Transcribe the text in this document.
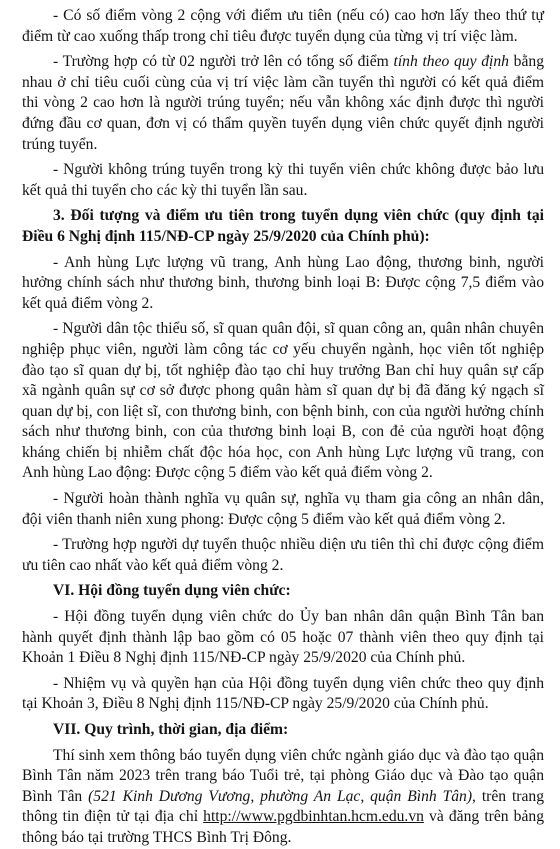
- Có số điểm vòng 2 cộng với điểm ưu tiên (nếu có) cao hơn lấy theo thứ tự điểm từ cao xuống thấp trong chỉ tiêu được tuyển dụng của từng vị trí việc làm.

- Trường hợp có từ 02 người trở lên có tổng số điểm tính theo quy định bằng nhau ở chỉ tiêu cuối cùng của vị trí việc làm cần tuyển thì người có kết quả điểm thi vòng 2 cao hơn là người trúng tuyển; nếu vẫn không xác định được thì người đứng đầu cơ quan, đơn vị có thẩm quyền tuyển dụng viên chức quyết định người trúng tuyển.

- Người không trúng tuyển trong kỳ thi tuyển viên chức không được bảo lưu kết quả thi tuyển cho các kỳ thi tuyển lần sau.

3. Đối tượng và điểm ưu tiên trong tuyển dụng viên chức (quy định tại Điều 6 Nghị định 115/NĐ-CP ngày 25/9/2020 của Chính phủ):

- Anh hùng Lực lượng vũ trang, Anh hùng Lao động, thương binh, người hưởng chính sách như thương binh, thương binh loại B: Được cộng 7,5 điểm vào kết quả điểm vòng 2.

- Người dân tộc thiểu số, sĩ quan quân đội, sĩ quan công an, quân nhân chuyên nghiệp phục viên, người làm công tác cơ yếu chuyển ngành, học viên tốt nghiệp đào tạo sĩ quan dự bị, tốt nghiệp đào tạo chỉ huy trưởng Ban chỉ huy quân sự cấp xã ngành quân sự cơ sở được phong quân hàm sĩ quan dự bị đã đăng ký ngạch sĩ quan dự bị, con liệt sĩ, con thương binh, con bệnh binh, con của người hưởng chính sách như thương binh, con của thương binh loại B, con đẻ của người hoạt động kháng chiến bị nhiễm chất độc hóa học, con Anh hùng Lực lượng vũ trang, con Anh hùng Lao động: Được cộng 5 điểm vào kết quả điểm vòng 2.

- Người hoàn thành nghĩa vụ quân sự, nghĩa vụ tham gia công an nhân dân, đội viên thanh niên xung phong: Được cộng 5 điểm vào kết quả điểm vòng 2.

- Trường hợp người dự tuyển thuộc nhiều diện ưu tiên thì chỉ được cộng điểm ưu tiên cao nhất vào kết quả điểm vòng 2.

VI. Hội đồng tuyển dụng viên chức:

- Hội đồng tuyển dụng viên chức do Ủy ban nhân dân quận Bình Tân ban hành quyết định thành lập bao gồm có 05 hoặc 07 thành viên theo quy định tại Khoản 1 Điều 8 Nghị định 115/NĐ-CP ngày 25/9/2020 của Chính phủ.

- Nhiệm vụ và quyền hạn của Hội đồng tuyển dụng viên chức theo quy định tại Khoản 3, Điều 8 Nghị định 115/NĐ-CP ngày 25/9/2020 của Chính phủ.

VII. Quy trình, thời gian, địa điểm:

Thí sinh xem thông báo tuyển dụng viên chức ngành giáo dục và đào tạo quận Bình Tân năm 2023 trên trang báo Tuổi trẻ, tại phòng Giáo dục và Đào tạo quận Bình Tân (521 Kinh Dương Vương, phường An Lạc, quận Bình Tân), trên trang thông tin điện tử tại địa chỉ http://www.pgdbinhtan.hcm.edu.vn và đăng trên bảng thông báo tại trường THCS Bình Trị Đông.
